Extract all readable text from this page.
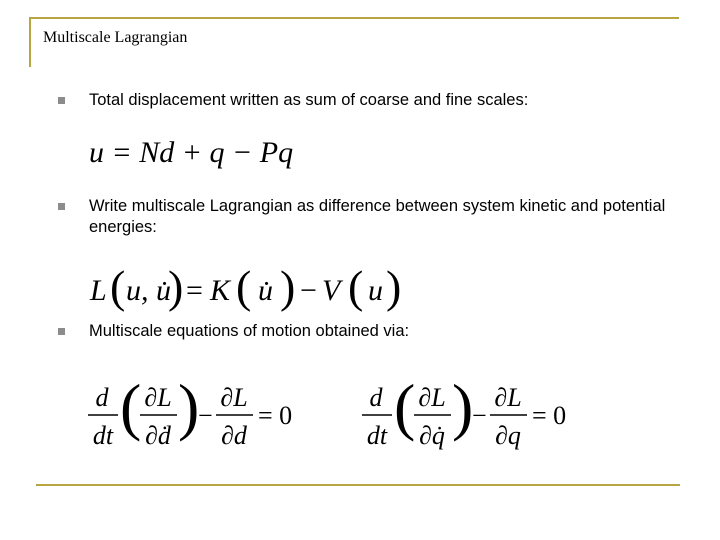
Multiscale Lagrangian
Total displacement written as sum of coarse and fine scales:
u = Nd + q − Pq
Write multiscale Lagrangian as difference between system kinetic and potential energies:
L ( u, u̇
) = K ( u̇ ) − V ( u )
Multiscale equations of motion obtained via:
d
dt ( ∂L
∂ḋ )
−
∂L
∂d
= 0
d
dt ( ∂L
∂q̇ )
−
∂L
∂q
= 0
